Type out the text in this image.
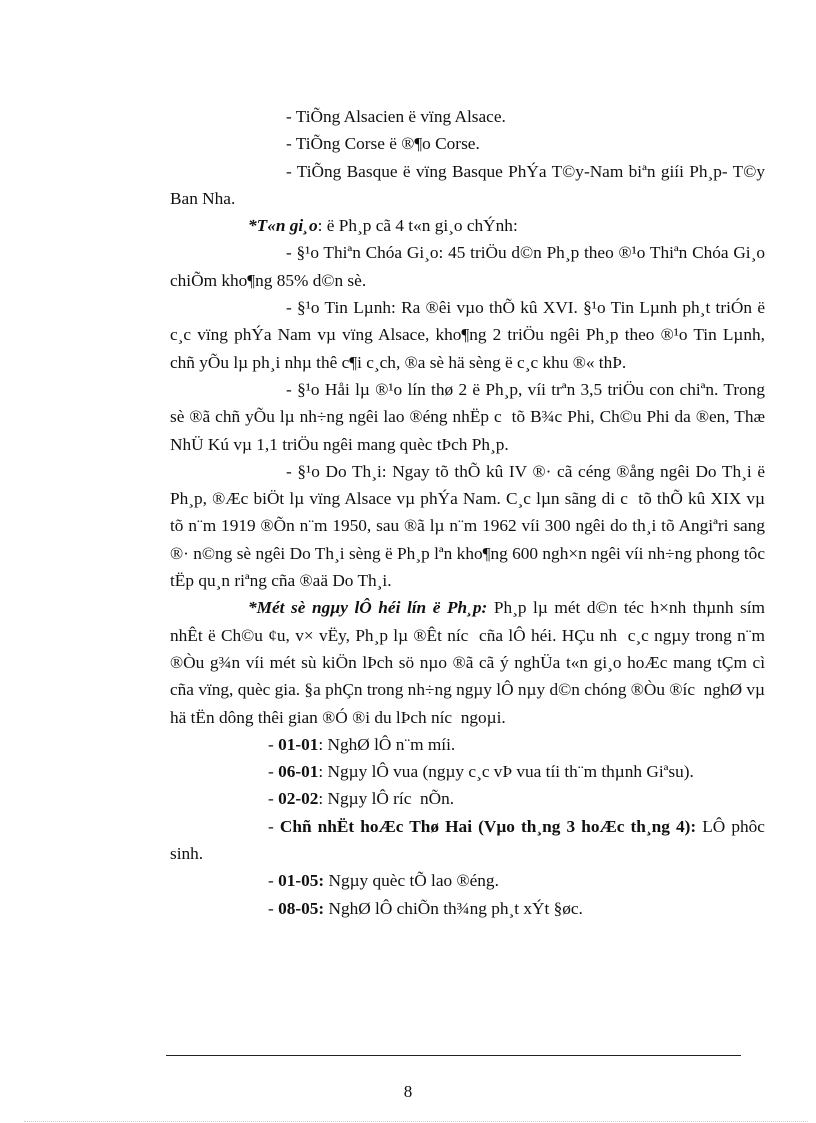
- TiÕng Alsacien ë vïng Alsace.

- TiÕng Corse ë ®¶o Corse.

- TiÕng Basque ë vïng Basque PhÝa T©y-Nam biªn giíi Ph¸p- T©y Ban Nha.

*T«n gi¸o: ë Ph¸p cã 4 t«n gi¸o chÝnh:

- §¹o Thiªn Chóa Gi¸o: 45 triÖu d©n Ph¸p theo ®¹o Thiªn Chóa Gi¸o chiÕm kho¶ng 85% d©n sè.

- §¹o Tin Lµnh: Ra ®êi vµo thÕ kû XVI. §¹o Tin Lµnh ph¸t triÓn ë c¸c vïng phÝa Nam vµ vïng Alsace, kho¶ng 2 triÖu ngêi Ph¸p theo ®¹o Tin Lµnh, chñ yÕu lµ ph¸i nhµ thê c¶i c¸ch, ®a sè hä sèng ë c¸c khu ®« thÞ.

- §¹o Håi lµ ®¹o lín thø 2 ë Ph¸p, víi trªn 3,5 triÖu con chiªn. Trong sè ®ã chñ yÕu lµ nh÷ng ngêi lao ®éng nhËp c  tõ B¾c Phi, Ch©u Phi da ®en, Thæ NhÜ Kú vµ 1,1 triÖu ngêi mang quèc tÞch Ph¸p.

- §¹o Do Th¸i: Ngay tõ thÕ kû IV ®· cã céng ®ång ngêi Do Th¸i ë Ph¸p, ®Æc biÖt lµ vïng Alsace vµ phÝa Nam. C¸c lµn sãng di c  tõ thÕ kû XIX vµ tõ n¨m 1919 ®Õn n¨m 1950, sau ®ã lµ n¨m 1962 víi 300 ngêi do th¸i tõ Angiªri sang ®· n©ng sè ngêi Do Th¸i sèng ë Ph¸p lªn kho¶ng 600 ngh×n ngêi víi nh÷ng phong tôc tËp qu¸n riªng cña ®aä Do Th¸i.

*Mét sè ngµy lÔ héi lín ë Ph¸p: Ph¸p lµ mét d©n téc h×nh thµnh sím nhÊt ë Ch©u ¢u, v× vËy, Ph¸p lµ ®Êt níc  cña lÔ héi. HÇu nh  c¸c ngµy trong n¨m ®Òu g¾n víi mét sù kiÖn lÞch sö nµo ®ã cã ý nghÜa t«n gi¸o hoÆc mang tÇm cì cña vïng, quèc gia. §a phÇn trong nh÷ng ngµy lÔ nµy d©n chóng ®Òu ®íc  nghØ vµ hä tËn dông thêi gian ®Ó ®i du lÞch níc  ngoµi.

- 01-01: NghØ lÔ n¨m míi.

- 06-01: Ngµy lÔ vua (ngµy c¸c vÞ vua tíi th¨m thµnh Giªsu).

- 02-02: Ngµy lÔ ríc  nÕn.

- Chñ nhËt hoÆc Thø Hai (Vµo th¸ng 3 hoÆc th¸ng 4): LÔ phôc sinh.

- 01-05: Ngµy quèc tÕ lao ®éng.

- 08-05: NghØ lÔ chiÕn th¾ng ph¸t xÝt §øc.

8
